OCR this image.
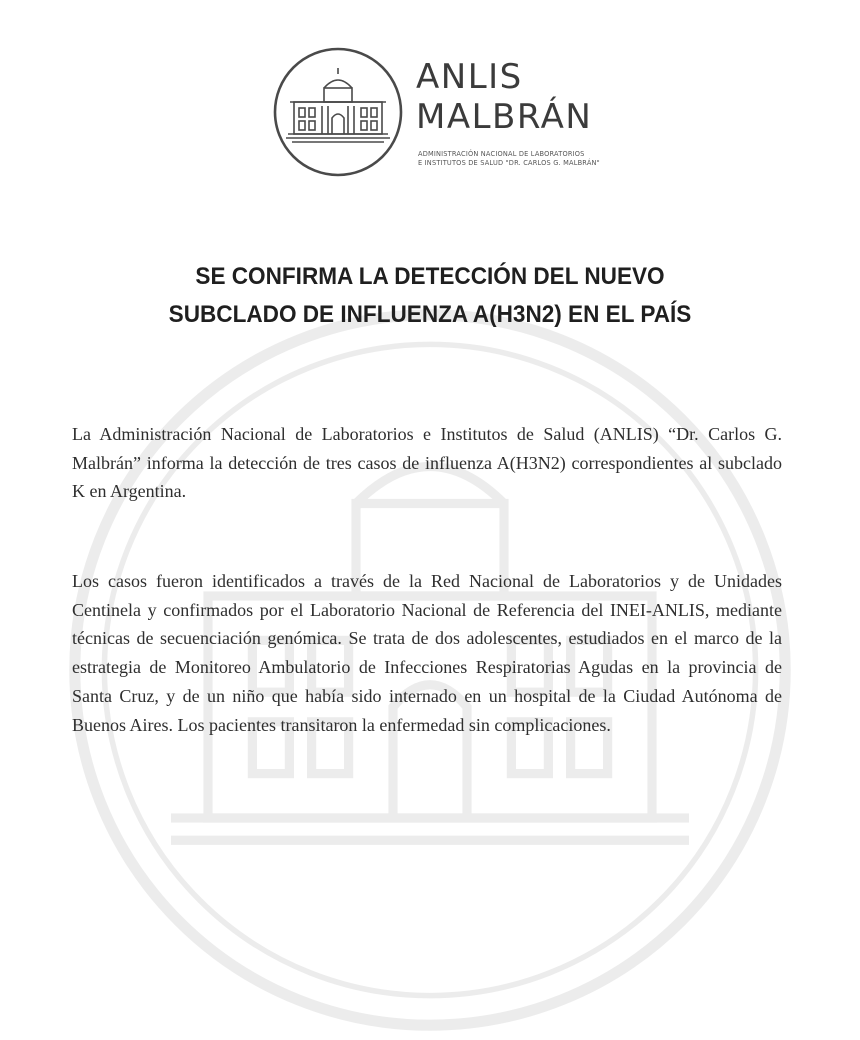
ANLIS
MALBRÁN
ADMINISTRACIÓN NACIONAL DE LABORATORIOS
E INSTITUTOS DE SALUD "DR. CARLOS G. MALBRÁN"
SE CONFIRMA LA DETECCIÓN DEL NUEVO
SUBCLADO DE INFLUENZA A(H3N2) EN EL PAÍS

La Administración Nacional de Laboratorios e Institutos de Salud (ANLIS) “Dr. Carlos G. Malbrán” informa la detección de tres casos de influenza A(H3N2) correspondientes al subclado K en Argentina.

Los casos fueron identificados a través de la Red Nacional de Laboratorios y de Unidades Centinela y confirmados por el Laboratorio Nacional de Referencia del INEI-ANLIS, mediante técnicas de secuenciación genómica. Se trata de dos adolescentes, estudiados en el marco de la estrategia de Monitoreo Ambulatorio de Infecciones Respiratorias Agudas en la provincia de Santa Cruz, y de un niño que había sido internado en un hospital de la Ciudad Autónoma de Buenos Aires. Los pacientes transitaron la enfermedad sin complicaciones.
